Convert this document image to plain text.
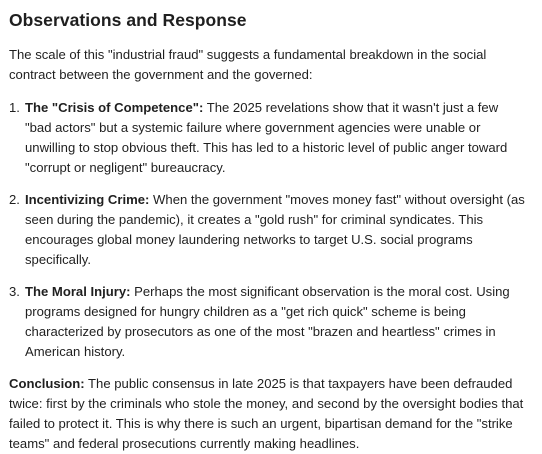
Observations and Response

The scale of this "industrial fraud" suggests a fundamental breakdown in the social contract between the government and the governed:

1. The "Crisis of Competence": The 2025 revelations show that it wasn't just a few "bad actors" but a systemic failure where government agencies were unable or unwilling to stop obvious theft. This has led to a historic level of public anger toward "corrupt or negligent" bureaucracy.
2. Incentivizing Crime: When the government "moves money fast" without oversight (as seen during the pandemic), it creates a "gold rush" for criminal syndicates. This encourages global money laundering networks to target U.S. social programs specifically.
3. The Moral Injury: Perhaps the most significant observation is the moral cost. Using programs designed for hungry children as a "get rich quick" scheme is being characterized by prosecutors as one of the most "brazen and heartless" crimes in American history.

Conclusion: The public consensus in late 2025 is that taxpayers have been defrauded twice: first by the criminals who stole the money, and second by the oversight bodies that failed to protect it. This is why there is such an urgent, bipartisan demand for the "strike teams" and federal prosecutions currently making headlines.
